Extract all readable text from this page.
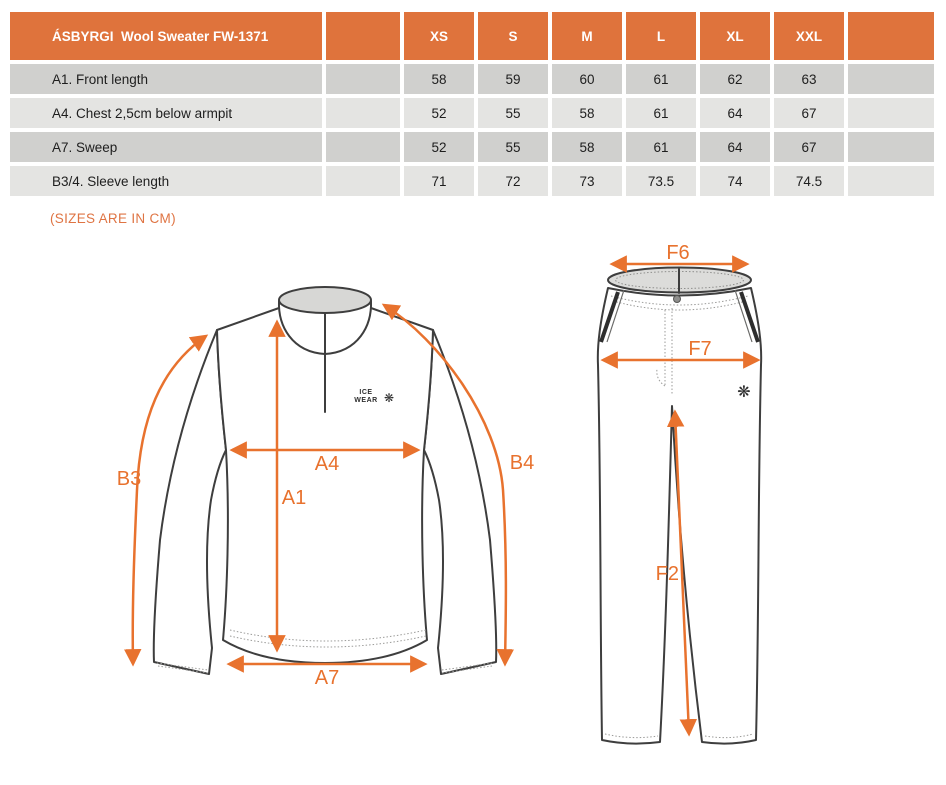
ÁSBYRGI  Wool Sweater FW-1371		XS	S	M	L	XL	XXL	
A1. Front length		58	59	60	61	62	63	
A4. Chest 2,5cm below armpit		52	55	58	61	64	67	
A7. Sweep		52	55	58	61	64	67	
B3/4. Sleeve length		71	72	73	73.5	74	74.5	
(SIZES ARE IN CM)
ICE
WEAR ❋
B3
A4
A1
B4
A7
❋
F6
F7
F2
